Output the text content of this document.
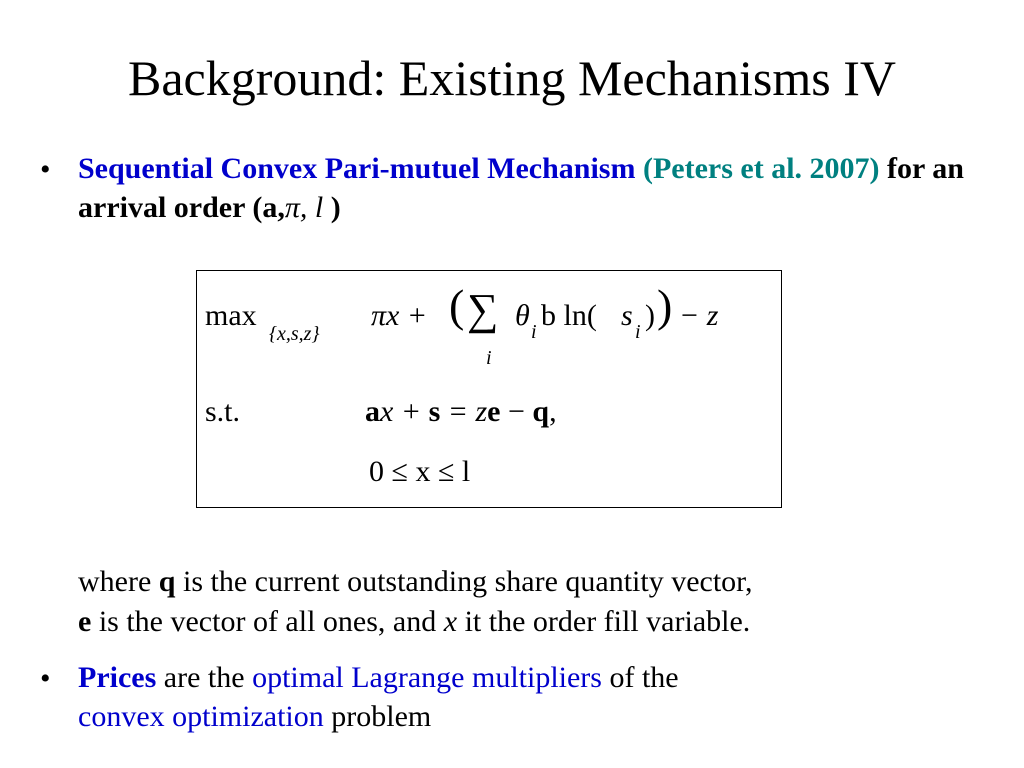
Background: Existing Mechanisms IV
• Sequential Convex Pari-mutuel Mechanism (Peters et al. 2007) for an arrival order (a,π, l )
max
{x,s,z}
πx + ( ∑
i
θ i b ln( s i ) ) − z
s.t.	ax + s = ze − q,
0 ≤ x ≤ l
where q is the current outstanding share quantity vector,
e is the vector of all ones, and x it the order fill variable.
• Prices are the optimal Lagrange multipliers of the
convex optimization problem
